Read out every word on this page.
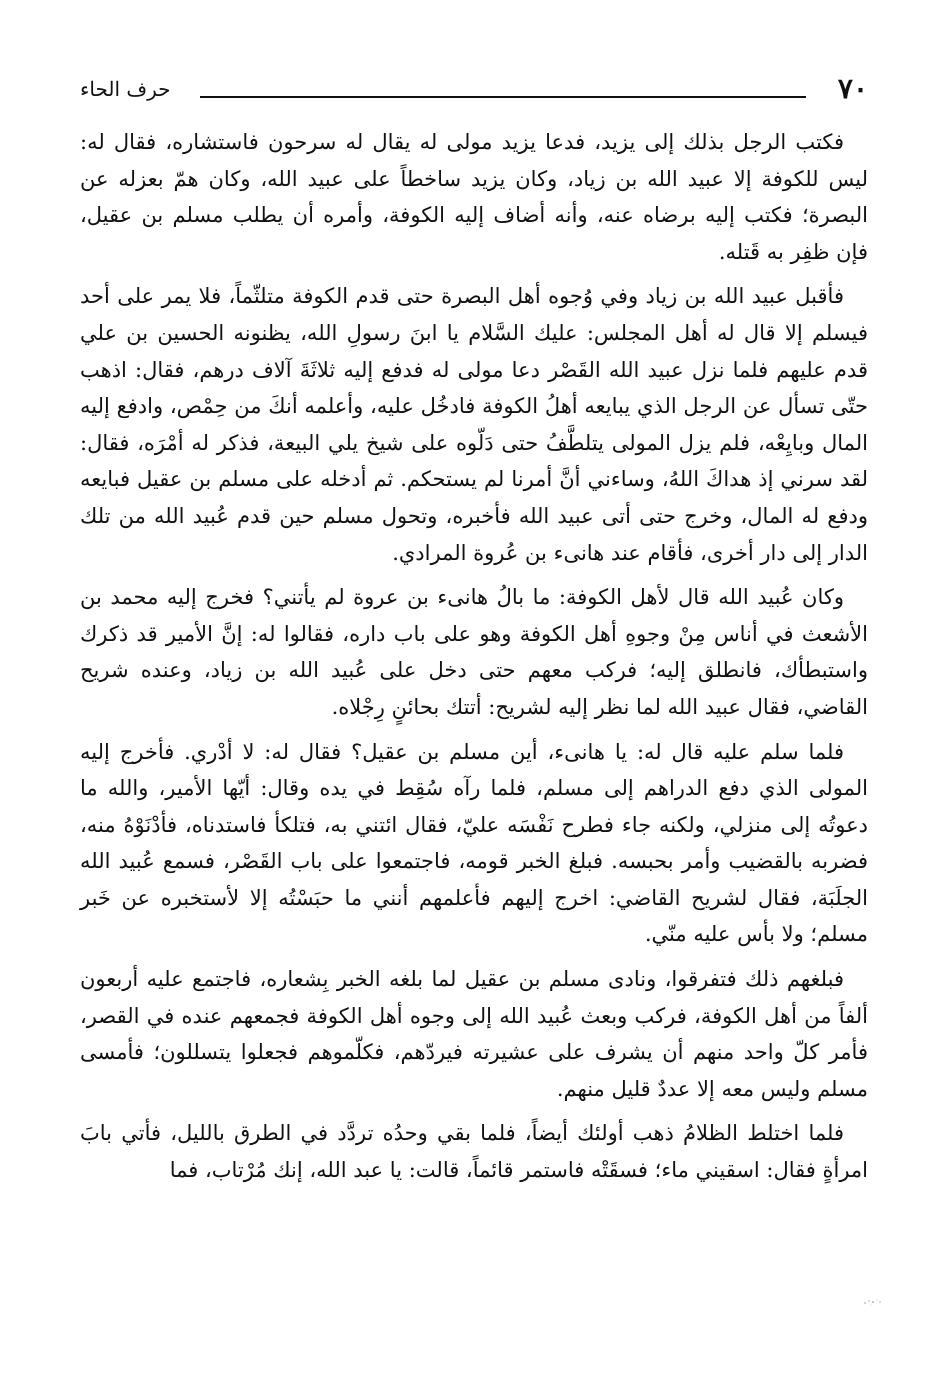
٧٠
حرف الحاء

فكتب الرجل بذلك إلى يزيد، فدعا يزيد مولى له يقال له سرحون فاستشاره، فقال له: ليس للكوفة إلا عبيد الله بن زياد، وكان يزيد ساخطاً على عبيد الله، وكان همّ بعزله عن البصرة؛ فكتب إليه برضاه عنه، وأنه أضاف إليه الكوفة، وأمره أن يطلب مسلم بن عقيل، فإن ظفِر به قَتله.

فأقبل عبيد الله بن زياد وفي وُجوه أهل البصرة حتى قدم الكوفة متلثّماً، فلا يمر على أحد فيسلم إلا قال له أهل المجلس: عليك السَّلام يا ابنَ رسولِ الله، يظنونه الحسين بن علي قدم عليهم فلما نزل عبيد الله القَصْر دعا مولى له فدفع إليه ثلاثَةَ آلاف درهم، فقال: اذهب حتّى تسأل عن الرجل الذي يبايعه أهلُ الكوفة فادخُل عليه، وأعلمه أنكَ من حِمْص، وادفع إليه المال وبايِعْه، فلم يزل المولى يتلطَّفُ حتى دَلّوه على شيخ يلي البيعة، فذكر له أمْرَه، فقال: لقد سرني إذ هداكَ اللهُ، وساءني أنَّ أمرنا لم يستحكم. ثم أدخله على مسلم بن عقيل فبايعه ودفع له المال، وخرج حتى أتى عبيد الله فأخبره، وتحول مسلم حين قدم عُبيد الله من تلك الدار إلى دار أخرى، فأقام عند هانىء بن عُروة المرادي.

وكان عُبيد الله قال لأهل الكوفة: ما بالُ هانىء بن عروة لم يأتني؟ فخرج إليه محمد بن الأشعث في أناس مِنْ وجوهِ أهل الكوفة وهو على باب داره، فقالوا له: إنَّ الأمير قد ذكرك واستبطأك، فانطلق إليه؛ فركب معهم حتى دخل على عُبيد الله بن زياد، وعنده شريح القاضي، فقال عبيد الله لما نظر إليه لشريح: أتتك بحائنٍ رِجْلاه.

فلما سلم عليه قال له: يا هانىء، أين مسلم بن عقيل؟ فقال له: لا أدْري. فأخرج إليه المولى الذي دفع الدراهم إلى مسلم، فلما رآه سُقِط في يده وقال: أيّها الأمير، والله ما دعوتُه إلى منزلي، ولكنه جاء فطرح نَفْسَه عليّ، فقال ائتني به، فتلكأ فاستدناه، فأدْنَوْهُ منه، فضربه بالقضيب وأمر بحبسه. فبلغ الخبر قومه، فاجتمعوا على باب القَصْر، فسمع عُبيد الله الجلَبَة، فقال لشريح القاضي: اخرج إليهم فأعلمهم أنني ما حبَسْتُه إلا لأستخبره عن خَبر مسلم؛ ولا بأس عليه منّي.

فبلغهم ذلك فتفرقوا، ونادى مسلم بن عقيل لما بلغه الخبر بِشعاره، فاجتمع عليه أربعون ألفاً من أهل الكوفة، فركب وبعث عُبيد الله إلى وجوه أهل الكوفة فجمعهم عنده في القصر، فأمر كلّ واحد منهم أن يشرف على عشيرته فيردّهم، فكلّموهم فجعلوا يتسللون؛ فأمسى مسلم وليس معه إلا عددٌ قليل منهم.

فلما اختلط الظلامُ ذهب أولئك أيضاً، فلما بقي وحدُه تردَّد في الطرق بالليل، فأتي بابَ امرأةٍ فقال: اسقيني ماء؛ فسقَتْه فاستمر قائماً، قالت: يا عبد الله، إنك مُرْتاب، فما
